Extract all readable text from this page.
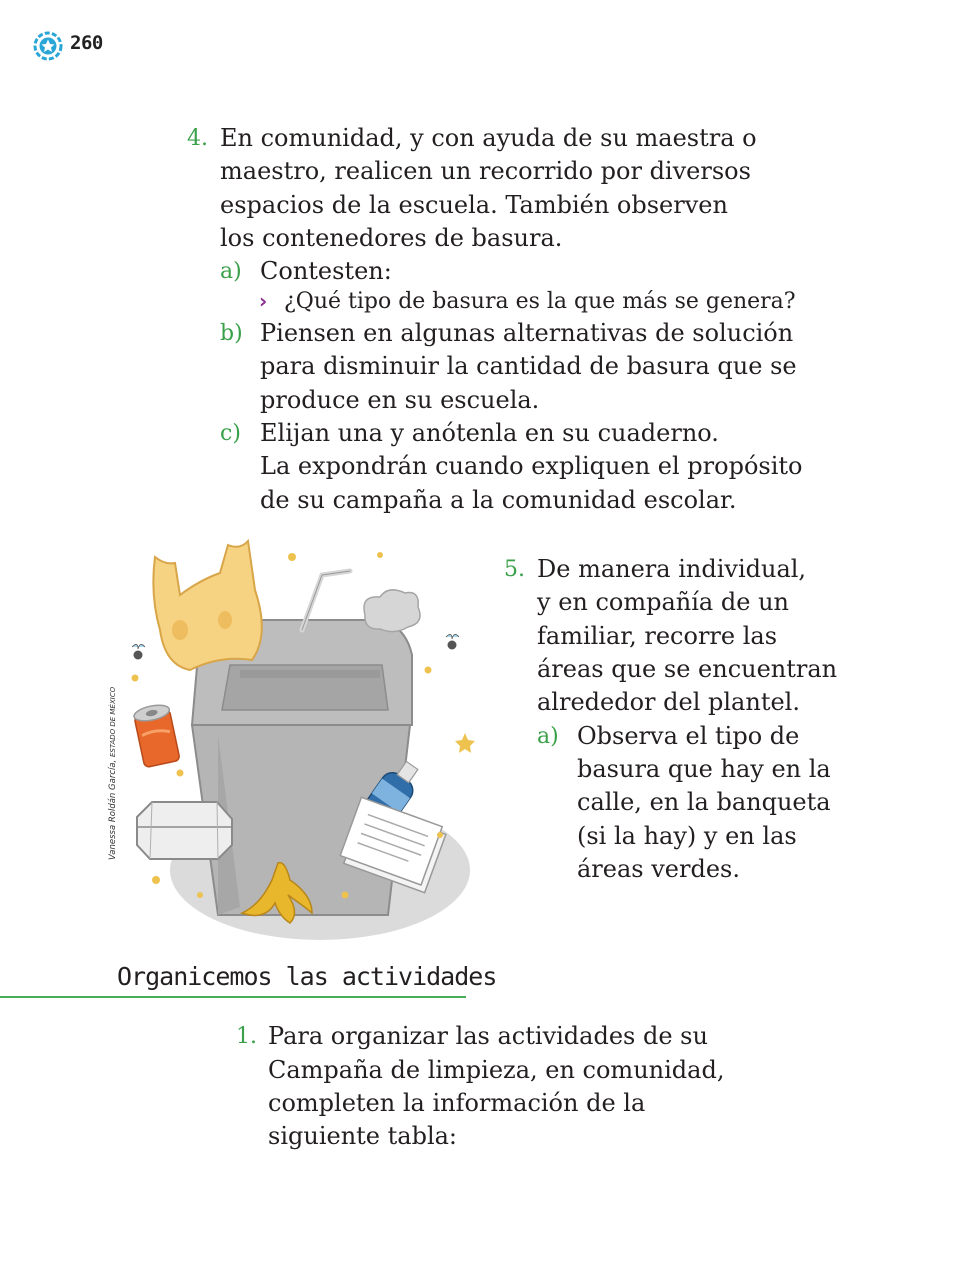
260
4. En comunidad, y con ayuda de su maestra o
maestro, realicen un recorrido por diversos
espacios de la escuela. También observen
los contenedores de basura.
a) Contesten:
› ¿Qué tipo de basura es la que más se genera?
b) Piensen en algunas alternativas de solución
para disminuir la cantidad de basura que se
produce en su escuela.
c) Elijan una y anótenla en su cuaderno.
La expondrán cuando expliquen el propósito
de su campaña a la comunidad escolar.
Vanessa Roldán García, ESTADO DE MÉXICO
5. De manera individual,
y en compañía de un
familiar, recorre las
áreas que se encuentran
alrededor del plantel.
a) Observa el tipo de
basura que hay en la
calle, en la banqueta
(si la hay) y en las
áreas verdes.
Organicemos las actividades
1. Para organizar las actividades de su
Campaña de limpieza, en comunidad,
completen la información de la
siguiente tabla:
